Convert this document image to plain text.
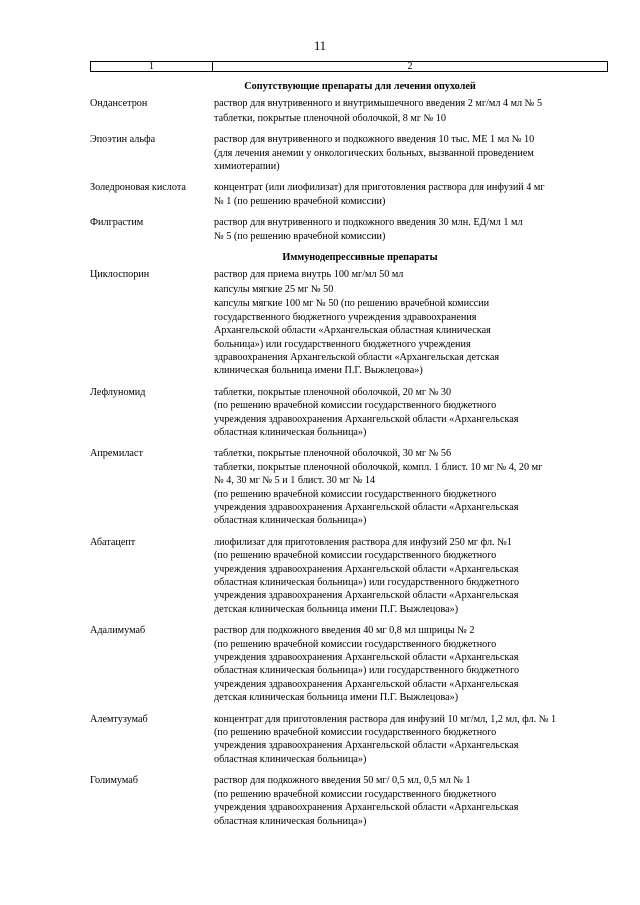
11
1	2
Сопутствующие препараты для лечения опухолей
Ондансетрон	раствор для внутривенного и внутримышечного введения 2 мг/мл 4 мл № 5
таблетки, покрытые пленочной оболочкой, 8 мг № 10
Эпоэтин альфа	раствор для внутривенного и подкожного введения 10 тыс. МЕ 1 мл № 10
(для лечения анемии у онкологических больных, вызванной проведением
химиотерапии)
Золедроновая кислота	концентрат (или лиофилизат) для приготовления раствора для инфузий 4 мг
№ 1 (по решению врачебной комиссии)
Филграстим	раствор для внутривенного и подкожного введения 30 млн. ЕД/мл 1 мл
№ 5 (по решению врачебной комиссии)
Иммунодепрессивные препараты
Циклоспорин	раствор для приема внутрь 100 мг/мл 50 мл
капсулы мягкие 25 мг № 50
капсулы мягкие 100 мг № 50 (по решению врачебной комиссии
государственного бюджетного учреждения здравоохранения
Архангельской области «Архангельская областная клиническая
больница») или государственного бюджетного учреждения
здравоохранения Архангельской области «Архангельская детская
клиническая больница имени П.Г. Выжлецова»)
Лефлуномид	таблетки, покрытые пленочной оболочкой, 20 мг № 30
(по решению врачебной комиссии государственного бюджетного
учреждения здравоохранения Архангельской области «Архангельская
областная клиническая больница»)
Апремиласт	таблетки, покрытые пленочной оболочкой, 30 мг № 56
таблетки, покрытые пленочной оболочкой, компл. 1 блист. 10 мг № 4, 20 мг
№ 4, 30 мг № 5 и 1 блист. 30 мг № 14
(по решению врачебной комиссии государственного бюджетного
учреждения здравоохранения Архангельской области «Архангельская
областная клиническая больница»)
Абатацепт	лиофилизат для приготовления раствора для инфузий 250 мг фл. №1
(по решению врачебной комиссии государственного бюджетного
учреждения здравоохранения Архангельской области «Архангельская
областная клиническая больница») или государственного бюджетного
учреждения здравоохранения Архангельской области «Архангельская
детская клиническая больница имени П.Г. Выжлецова»)
Адалимумаб	раствор для подкожного введения 40 мг 0,8 мл шприцы № 2
(по решению врачебной комиссии государственного бюджетного
учреждения здравоохранения Архангельской области «Архангельская
областная клиническая больница») или государственного бюджетного
учреждения здравоохранения Архангельской области «Архангельская
детская клиническая больница имени П.Г. Выжлецова»)
Алемтузумаб	концентрат для приготовления раствора для инфузий 10 мг/мл, 1,2 мл, фл. № 1
(по решению врачебной комиссии государственного бюджетного
учреждения здравоохранения Архангельской области «Архангельская
областная клиническая больница»)
Голимумаб	раствор для подкожного введения 50 мг/ 0,5 мл, 0,5 мл № 1
(по решению врачебной комиссии государственного бюджетного
учреждения здравоохранения Архангельской области «Архангельская
областная клиническая больница»)
